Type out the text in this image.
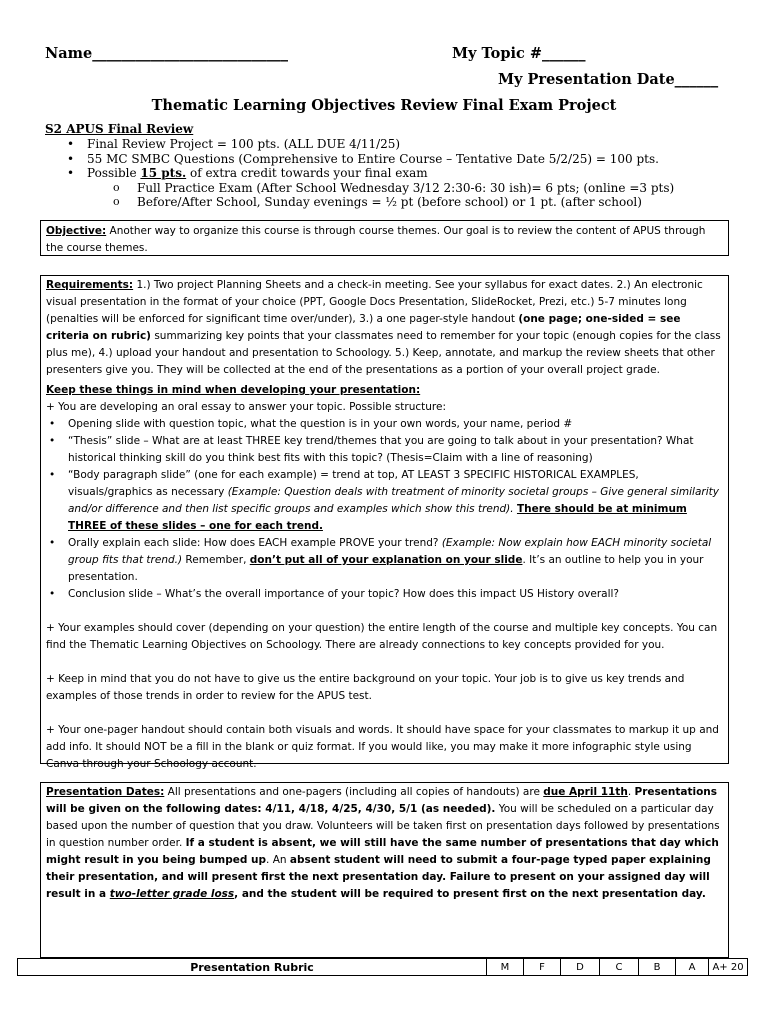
Name___________________________	My Topic #______
My Presentation Date______
Thematic Learning Objectives Review Final Exam Project
S2 APUS Final Review
• Final Review Project = 100 pts. (ALL DUE 4/11/25)
• 55 MC SMBC Questions (Comprehensive to Entire Course – Tentative Date 5/2/25) = 100 pts.
• Possible 15 pts. of extra credit towards your final exam
o Full Practice Exam (After School Wednesday 3/12 2:30-6: 30 ish)= 6 pts; (online =3 pts)
o Before/After School, Sunday evenings = ½ pt (before school) or 1 pt. (after school)

Objective: Another way to organize this course is through course themes. Our goal is to review the content of APUS through the course themes.

Requirements: 1.) Two project Planning Sheets and a check-in meeting. See your syllabus for exact dates. 2.) An electronic visual presentation in the format of your choice (PPT, Google Docs Presentation, SlideRocket, Prezi, etc.) 5-7 minutes long (penalties will be enforced for significant time over/under), 3.) a one pager-style handout (one page; one-sided = see criteria on rubric) summarizing key points that your classmates need to remember for your topic (enough copies for the class plus me), 4.) upload your handout and presentation to Schoology. 5.) Keep, annotate, and markup the review sheets that other presenters give you. They will be collected at the end of the presentations as a portion of your overall project grade.

Keep these things in mind when developing your presentation:

+ You are developing an oral essay to answer your topic. Possible structure:

• Opening slide with question topic, what the question is in your own words, your name, period #
• “Thesis” slide – What are at least THREE key trend/themes that you are going to talk about in your presentation? What historical thinking skill do you think best fits with this topic? (Thesis=Claim with a line of reasoning)
• “Body paragraph slide” (one for each example) = trend at top, AT LEAST 3 SPECIFIC HISTORICAL EXAMPLES, visuals/graphics as necessary (Example: Question deals with treatment of minority societal groups – Give general similarity and/or difference and then list specific groups and examples which show this trend). There should be at minimum THREE of these slides – one for each trend.
• Orally explain each slide: How does EACH example PROVE your trend? (Example: Now explain how EACH minority societal group fits that trend.) Remember, don’t put all of your explanation on your slide. It’s an outline to help you in your presentation.
• Conclusion slide – What’s the overall importance of your topic? How does this impact US History overall?

+ Your examples should cover (depending on your question) the entire length of the course and multiple key concepts. You can find the Thematic Learning Objectives on Schoology. There are already connections to key concepts provided for you.

+ Keep in mind that you do not have to give us the entire background on your topic. Your job is to give us key trends and examples of those trends in order to review for the APUS test.

+ Your one-pager handout should contain both visuals and words. It should have space for your classmates to markup it up and add info. It should NOT be a fill in the blank or quiz format. If you would like, you may make it more infographic style using Canva through your Schoology account.

Presentation Dates: All presentations and one-pagers (including all copies of handouts) are due April 11th. Presentations will be given on the following dates: 4/11, 4/18, 4/25, 4/30, 5/1 (as needed). You will be scheduled on a particular day based upon the number of question that you draw. Volunteers will be taken first on presentation days followed by presentations in question number order. If a student is absent, we will still have the same number of presentations that day which might result in you being bumped up. An absent student will need to submit a four-page typed paper explaining their presentation, and will present first the next presentation day. Failure to present on your assigned day will result in a two-letter grade loss, and the student will be required to present first on the next presentation day.

Presentation Rubric	M	F	D	C	B	A	A+ 20
